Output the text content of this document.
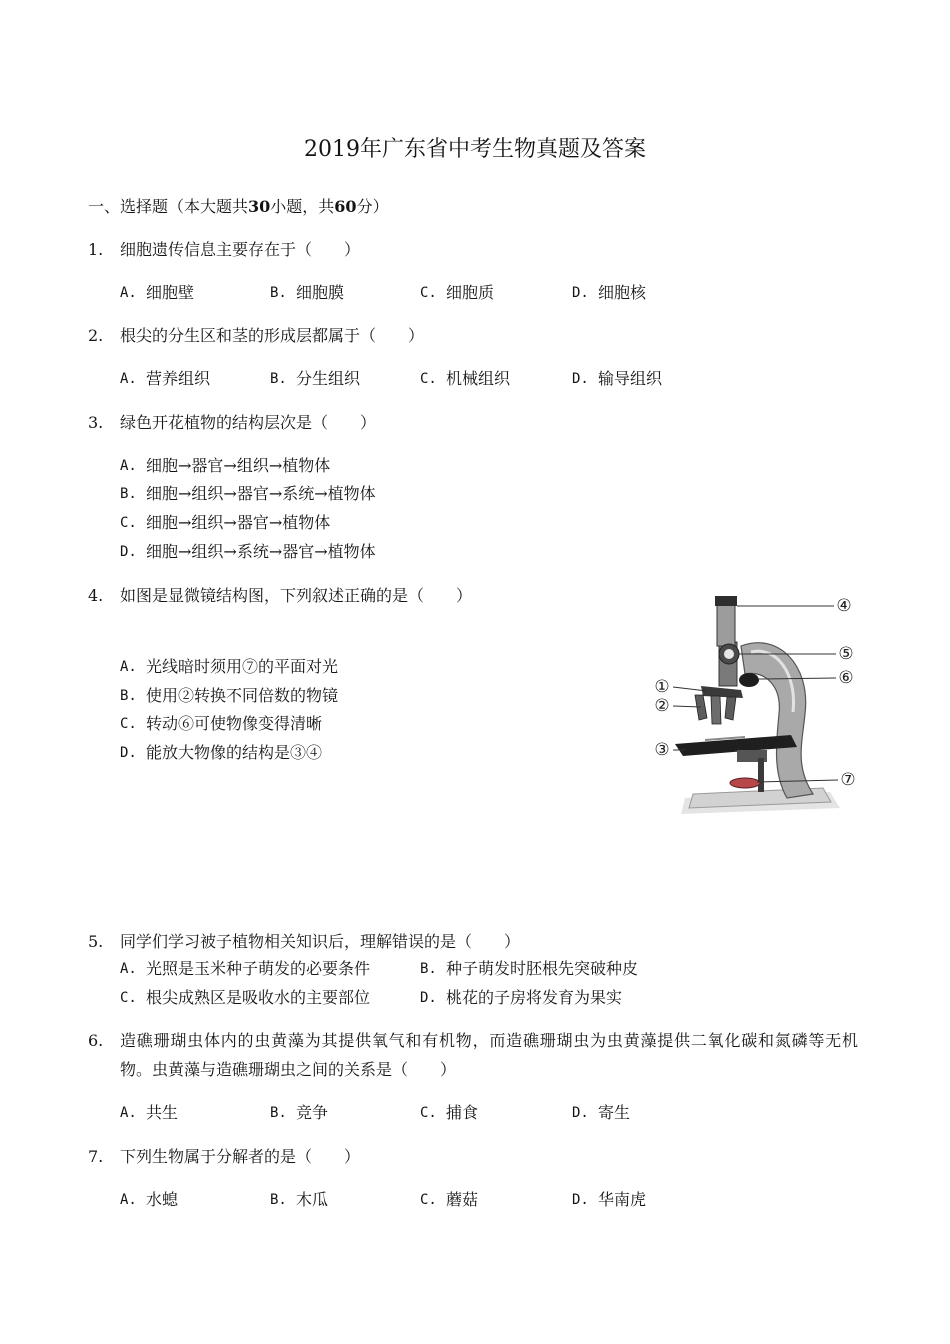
2019年广东省中考生物真题及答案
一、选择题（本大题共30小题，共60分）
1. 细胞遗传信息主要存在于（　　）
A. 细胞壁	B. 细胞膜	C. 细胞质	D. 细胞核
2. 根尖的分生区和茎的形成层都属于（　　）
A. 营养组织	B. 分生组织	C. 机械组织	D. 输导组织
3. 绿色开花植物的结构层次是（　　）
A. 细胞→器官→组织→植物体
B. 细胞→组织→器官→系统→植物体
C. 细胞→组织→器官→植物体
D. 细胞→组织→系统→器官→植物体
4. 如图是显微镜结构图，下列叙述正确的是（　　）
A. 光线暗时须用⑦的平面对光
B. 使用②转换不同倍数的物镜
C. 转动⑥可使物像变得清晰
D. 能放大物像的结构是③④
①
②
③
④
⑤
⑥
⑦
5. 同学们学习被子植物相关知识后，理解错误的是（　　）
A. 光照是玉米种子萌发的必要条件	B. 种子萌发时胚根先突破种皮
C. 根尖成熟区是吸收水的主要部位	D. 桃花的子房将发育为果实
6. 造礁珊瑚虫体内的虫黄藻为其提供氧气和有机物，而造礁珊瑚虫为虫黄藻提供二氧化碳和氮磷等无机
物。虫黄藻与造礁珊瑚虫之间的关系是（　　）
A. 共生	B. 竞争	C. 捕食	D. 寄生
7. 下列生物属于分解者的是（　　）
A. 水螅	B. 木瓜	C. 蘑菇	D. 华南虎
